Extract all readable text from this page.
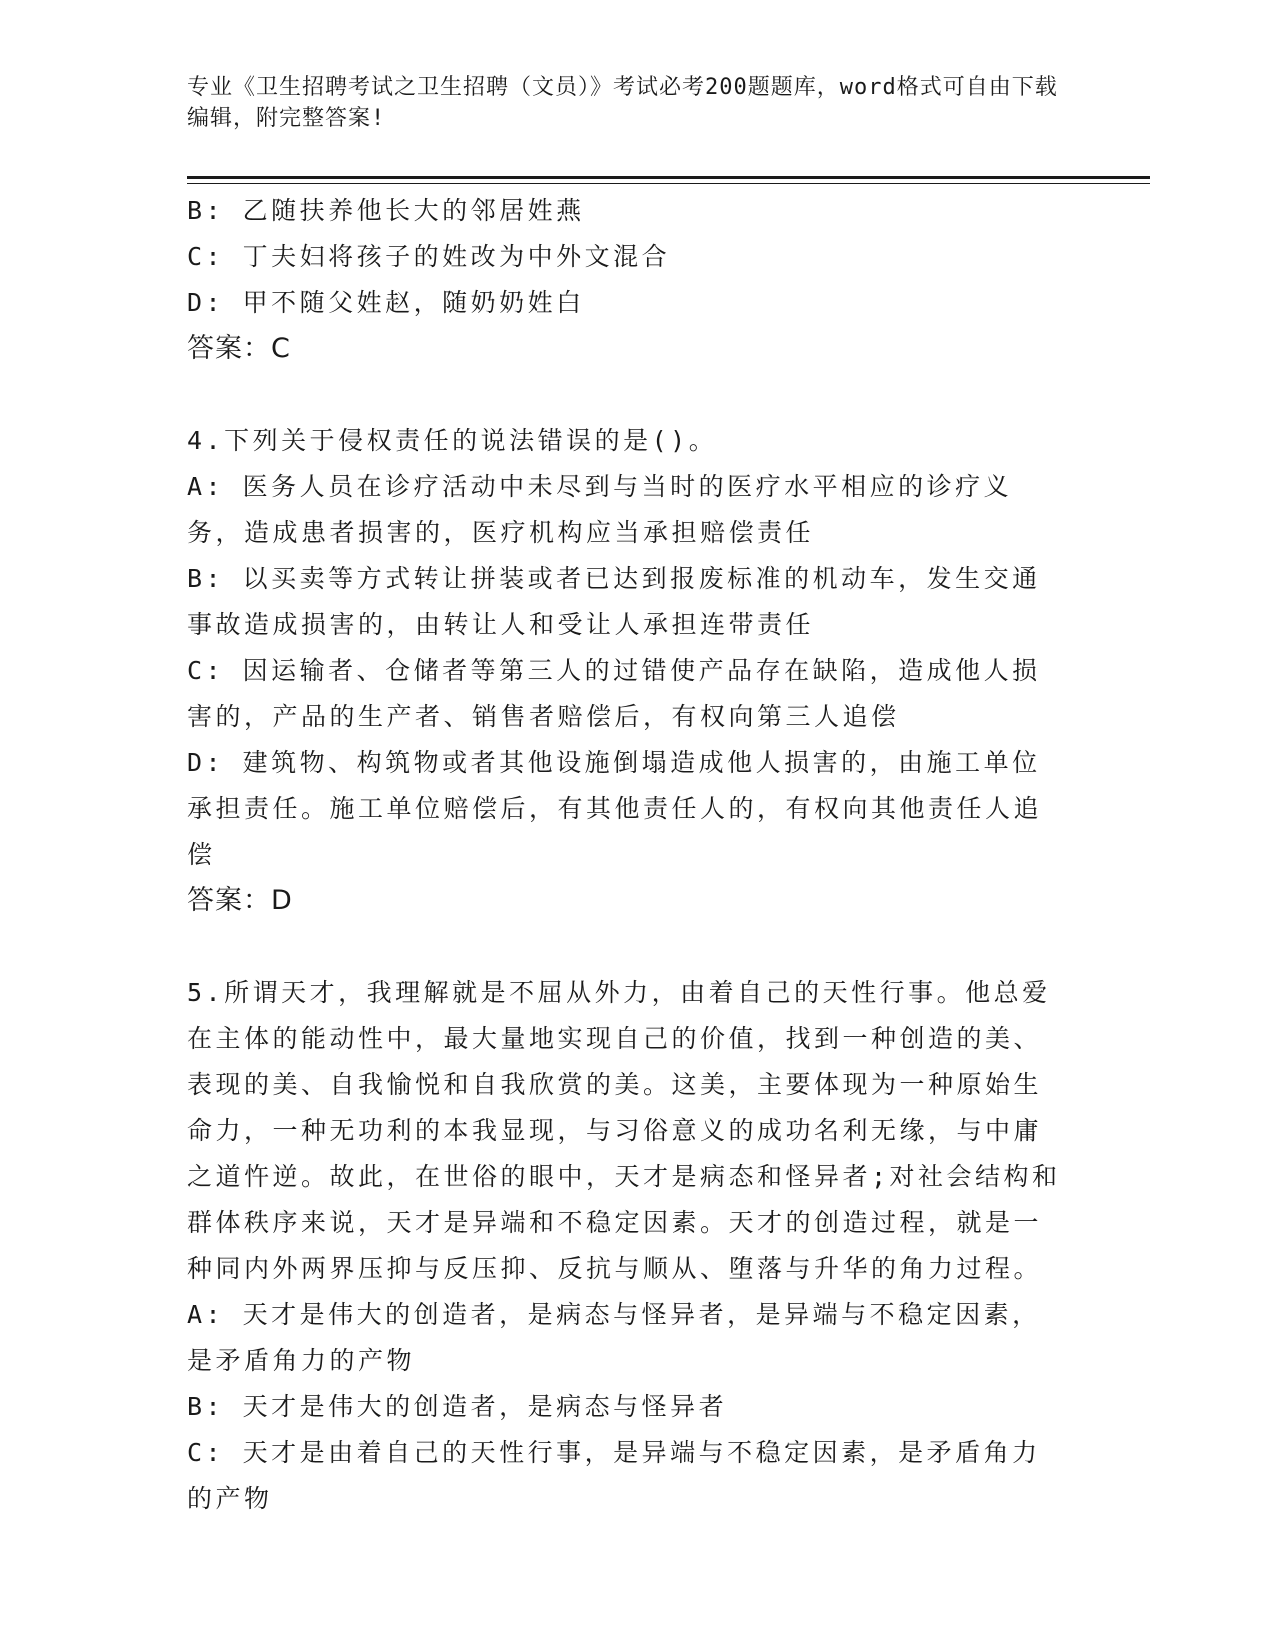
专业《卫生招聘考试之卫生招聘（文员）》考试必考200题题库，word格式可自由下载编辑，附完整答案!

B: 乙随扶养他长大的邻居姓燕

C: 丁夫妇将孩子的姓改为中外文混合

D: 甲不随父姓赵，随奶奶姓白

答案：C

4.下列关于侵权责任的说法错误的是()。

A: 医务人员在诊疗活动中未尽到与当时的医疗水平相应的诊疗义务，造成患者损害的，医疗机构应当承担赔偿责任

B: 以买卖等方式转让拼装或者已达到报废标准的机动车，发生交通事故造成损害的，由转让人和受让人承担连带责任

C: 因运输者、仓储者等第三人的过错使产品存在缺陷，造成他人损害的，产品的生产者、销售者赔偿后，有权向第三人追偿

D: 建筑物、构筑物或者其他设施倒塌造成他人损害的，由施工单位承担责任。施工单位赔偿后，有其他责任人的，有权向其他责任人追偿

答案：D

5.所谓天才，我理解就是不屈从外力，由着自己的天性行事。他总爱在主体的能动性中，最大量地实现自己的价值，找到一种创造的美、表现的美、自我愉悦和自我欣赏的美。这美，主要体现为一种原始生命力，一种无功利的本我显现，与习俗意义的成功名利无缘，与中庸之道忤逆。故此，在世俗的眼中，天才是病态和怪异者;对社会结构和群体秩序来说，天才是异端和不稳定因素。天才的创造过程，就是一种同内外两界压抑与反压抑、反抗与顺从、堕落与升华的角力过程。

A: 天才是伟大的创造者，是病态与怪异者，是异端与不稳定因素，是矛盾角力的产物

B: 天才是伟大的创造者，是病态与怪异者

C: 天才是由着自己的天性行事，是异端与不稳定因素，是矛盾角力的产物
